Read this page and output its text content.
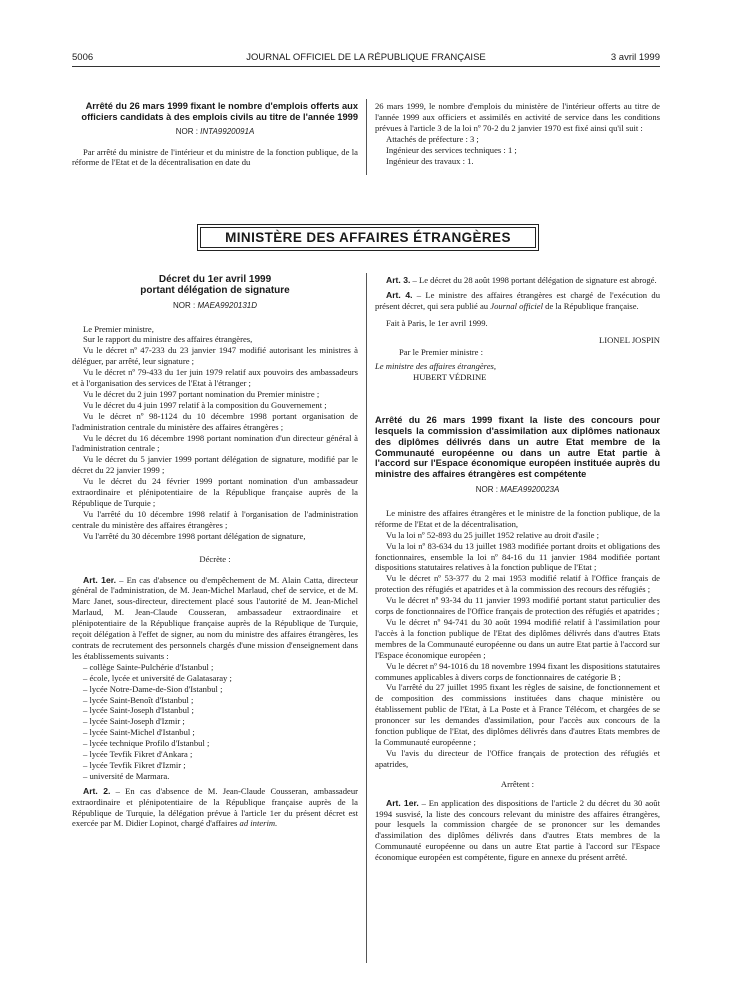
5006	JOURNAL OFFICIEL DE LA RÉPUBLIQUE FRANÇAISE	3 avril 1999

Arrêté du 26 mars 1999 fixant le nombre d'emplois offerts aux officiers candidats à des emplois civils au titre de l'année 1999

NOR : INTA9920091A

Par arrêté du ministre de l'intérieur et du ministre de la fonction publique, de la réforme de l'Etat et de la décentralisation en date du

26 mars 1999, le nombre d'emplois du ministère de l'intérieur offerts au titre de l'année 1999 aux officiers et assimilés en activité de service dans les conditions prévues à l'article 3 de la loi nº 70-2 du 2 janvier 1970 est fixé ainsi qu'il suit :

Attachés de préfecture : 3 ;

Ingénieur des services techniques : 1 ;

Ingénieur des travaux : 1.

MINISTÈRE DES AFFAIRES ÉTRANGÈRES

Décret du 1er avril 1999
portant délégation de signature

NOR : MAEA9920131D

Le Premier ministre,

Sur le rapport du ministre des affaires étrangères,

Vu le décret nº 47-233 du 23 janvier 1947 modifié autorisant les ministres à déléguer, par arrêté, leur signature ;

Vu le décret nº 79-433 du 1er juin 1979 relatif aux pouvoirs des ambassadeurs et à l'organisation des services de l'Etat à l'étranger ;

Vu le décret du 2 juin 1997 portant nomination du Premier ministre ;

Vu le décret du 4 juin 1997 relatif à la composition du Gouvernement ;

Vu le décret nº 98-1124 du 10 décembre 1998 portant organisation de l'administration centrale du ministère des affaires étrangères ;

Vu le décret du 16 décembre 1998 portant nomination d'un directeur général à l'administration centrale ;

Vu le décret du 5 janvier 1999 portant délégation de signature, modifié par le décret du 22 janvier 1999 ;

Vu le décret du 24 février 1999 portant nomination d'un ambassadeur extraordinaire et plénipotentiaire de la République française auprès de la République de Turquie ;

Vu l'arrêté du 10 décembre 1998 relatif à l'organisation de l'administration centrale du ministère des affaires étrangères ;

Vu l'arrêté du 30 décembre 1998 portant délégation de signature,

Décrète :

Art. 1er. – En cas d'absence ou d'empêchement de M. Alain Catta, directeur général de l'administration, de M. Jean-Michel Marlaud, chef de service, et de M. Marc Janet, sous-directeur, directement placé sous l'autorité de M. Jean-Michel Marlaud, M. Jean-Claude Cousseran, ambassadeur extraordinaire et plénipotentiaire de la République française auprès de la République de Turquie, reçoit délégation à l'effet de signer, au nom du ministre des affaires étrangères, les contrats de recrutement des personnels chargés d'une mission d'enseignement dans les établissements suivants :

– collège Sainte-Pulchérie d'Istanbul ;

– école, lycée et université de Galatasaray ;

– lycée Notre-Dame-de-Sion d'Istanbul ;

– lycée Saint-Benoît d'Istanbul ;

– lycée Saint-Joseph d'Istanbul ;

– lycée Saint-Joseph d'Izmir ;

– lycée Saint-Michel d'Istanbul ;

– lycée technique Profilo d'Istanbul ;

– lycée Tevfik Fikret d'Ankara ;

– lycée Tevfik Fikret d'Izmir ;

– université de Marmara.

Art. 2. – En cas d'absence de M. Jean-Claude Cousseran, ambassadeur extraordinaire et plénipotentiaire de la République française auprès de la République de Turquie, la délégation prévue à l'article 1er du présent décret est exercée par M. Didier Lopinot, chargé d'affaires ad interim.

Art. 3. – Le décret du 28 août 1998 portant délégation de signature est abrogé.

Art. 4. – Le ministre des affaires étrangères est chargé de l'exécution du présent décret, qui sera publié au Journal officiel de la République française.

Fait à Paris, le 1er avril 1999.

LIONEL JOSPIN

Par le Premier ministre :

Le ministre des affaires étrangères,

HUBERT VÉDRINE

Arrêté du 26 mars 1999 fixant la liste des concours pour lesquels la commission d'assimilation aux diplômes nationaux des diplômes délivrés dans un autre Etat membre de la Communauté européenne ou dans un autre Etat partie à l'accord sur l'Espace économique européen instituée auprès du ministre des affaires étrangères est compétente

NOR : MAEA9920023A

Le ministre des affaires étrangères et le ministre de la fonction publique, de la réforme de l'Etat et de la décentralisation,

Vu la loi nº 52-893 du 25 juillet 1952 relative au droit d'asile ;

Vu la loi nº 83-634 du 13 juillet 1983 modifiée portant droits et obligations des fonctionnaires, ensemble la loi nº 84-16 du 11 janvier 1984 modifiée portant dispositions statutaires relatives à la fonction publique de l'Etat ;

Vu le décret nº 53-377 du 2 mai 1953 modifié relatif à l'Office français de protection des réfugiés et apatrides et à la commission des recours des réfugiés ;

Vu le décret nº 93-34 du 11 janvier 1993 modifié portant statut particulier des corps de fonctionnaires de l'Office français de protection des réfugiés et apatrides ;

Vu le décret nº 94-741 du 30 août 1994 modifié relatif à l'assimilation pour l'accès à la fonction publique de l'Etat des diplômes délivrés dans d'autres Etats membres de la Communauté européenne ou dans un autre Etat partie à l'accord sur l'Espace économique européen ;

Vu le décret nº 94-1016 du 18 novembre 1994 fixant les dispositions statutaires communes applicables à divers corps de fonctionnaires de catégorie B ;

Vu l'arrêté du 27 juillet 1995 fixant les règles de saisine, de fonctionnement et de composition des commissions instituées dans chaque ministère ou établissement public de l'Etat, à La Poste et à France Télécom, et chargées de se prononcer sur les demandes d'assimilation, pour l'accès aux concours de la fonction publique de l'Etat, des diplômes délivrés dans d'autres Etats membres de la Communauté européenne ;

Vu l'avis du directeur de l'Office français de protection des réfugiés et apatrides,

Arrêtent :

Art. 1er. – En application des dispositions de l'article 2 du décret du 30 août 1994 susvisé, la liste des concours relevant du ministre des affaires étrangères, pour lesquels la commission chargée de se prononcer sur les demandes d'assimilation des diplômes délivrés dans d'autres Etats membres de la Communauté européenne ou dans un autre Etat partie à l'accord sur l'Espace économique européen est compétente, figure en annexe du présent arrêté.
